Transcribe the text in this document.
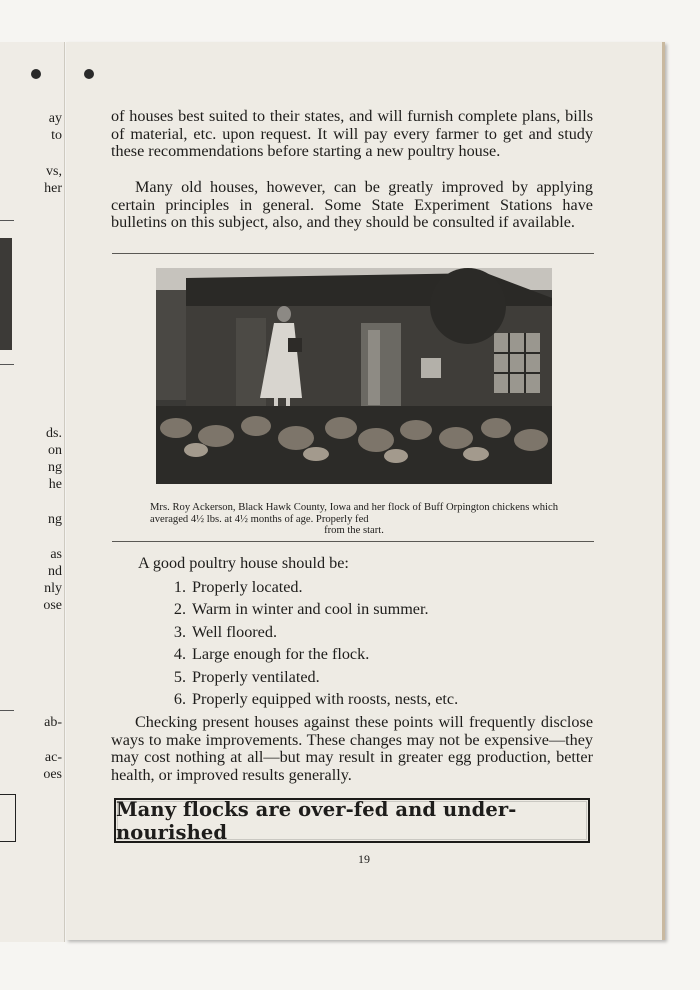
ay
to
vs,
her
ds.
on
ng
he
ng
as
nd
nly
ose
ab-
ac-
oes

of houses best suited to their states, and will furnish complete plans, bills of material, etc. upon request. It will pay every farmer to get and study these recommendations before starting a new poultry house.

Many old houses, however, can be greatly improved by applying certain principles in general. Some State Experiment Stations have bulletins on this subject, also, and they should be consulted if available.

Mrs. Roy Ackerson, Black Hawk County, Iowa and her flock of Buff Orpington chickens which averaged 4½ lbs. at 4½ months of age. Properly fed
from the start.

A good poultry house should be:

1. Properly located.
2. Warm in winter and cool in summer.
3. Well floored.
4. Large enough for the flock.
5. Properly ventilated.
6. Properly equipped with roosts, nests, etc.

Checking present houses against these points will frequently disclose ways to make improvements. These changes may not be expensive—they may cost nothing at all—but may result in greater egg production, better health, or improved results generally.

Many flocks are over-fed and under-nourished
19
